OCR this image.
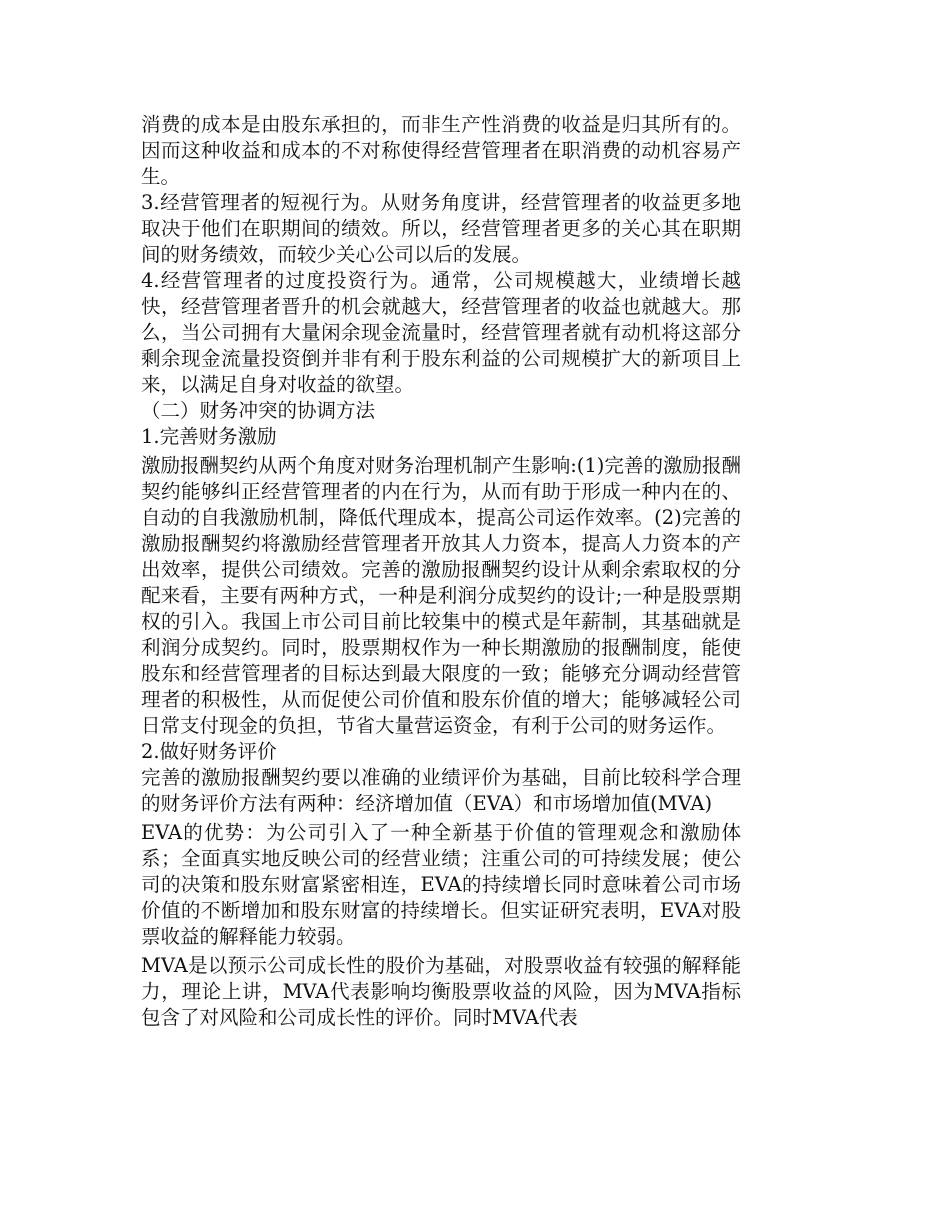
消费的成本是由股东承担的，而非生产性消费的收益是归其所有的。因而这种收益和成本的不对称使得经营管理者在职消费的动机容易产生。

3.经营管理者的短视行为。从财务角度讲，经营管理者的收益更多地取决于他们在职期间的绩效。所以，经营管理者更多的关心其在职期间的财务绩效，而较少关心公司以后的发展。

4.经营管理者的过度投资行为。通常，公司规模越大，业绩增长越快，经营管理者晋升的机会就越大，经营管理者的收益也就越大。那么，当公司拥有大量闲余现金流量时，经营管理者就有动机将这部分剩余现金流量投资倒并非有利于股东利益的公司规模扩大的新项目上来，以满足自身对收益的欲望。

（二）财务冲突的协调方法

1.完善财务激励

激励报酬契约从两个角度对财务治理机制产生影响:(1)完善的激励报酬契约能够纠正经营管理者的内在行为，从而有助于形成一种内在的、自动的自我激励机制，降低代理成本，提高公司运作效率。(2)完善的激励报酬契约将激励经营管理者开放其人力资本，提高人力资本的产出效率，提供公司绩效。完善的激励报酬契约设计从剩余索取权的分配来看，主要有两种方式，一种是利润分成契约的设计;一种是股票期权的引入。我国上市公司目前比较集中的模式是年薪制，其基础就是利润分成契约。同时，股票期权作为一种长期激励的报酬制度，能使股东和经营管理者的目标达到最大限度的一致；能够充分调动经营管理者的积极性，从而促使公司价值和股东价值的增大；能够减轻公司日常支付现金的负担，节省大量营运资金，有利于公司的财务运作。

2.做好财务评价

完善的激励报酬契约要以准确的业绩评价为基础，目前比较科学合理的财务评价方法有两种：经济增加值（EVA）和市场增加值(MVA)

EVA的优势：为公司引入了一种全新基于价值的管理观念和激励体系；全面真实地反映公司的经营业绩；注重公司的可持续发展；使公司的决策和股东财富紧密相连，EVA的持续增长同时意味着公司市场价值的不断增加和股东财富的持续增长。但实证研究表明，EVA对股票收益的解释能力较弱。

MVA是以预示公司成长性的股价为基础，对股票收益有较强的解释能力，理论上讲，MVA代表影响均衡股票收益的风险，因为MVA指标包含了对风险和公司成长性的评价。同时MVA代表
